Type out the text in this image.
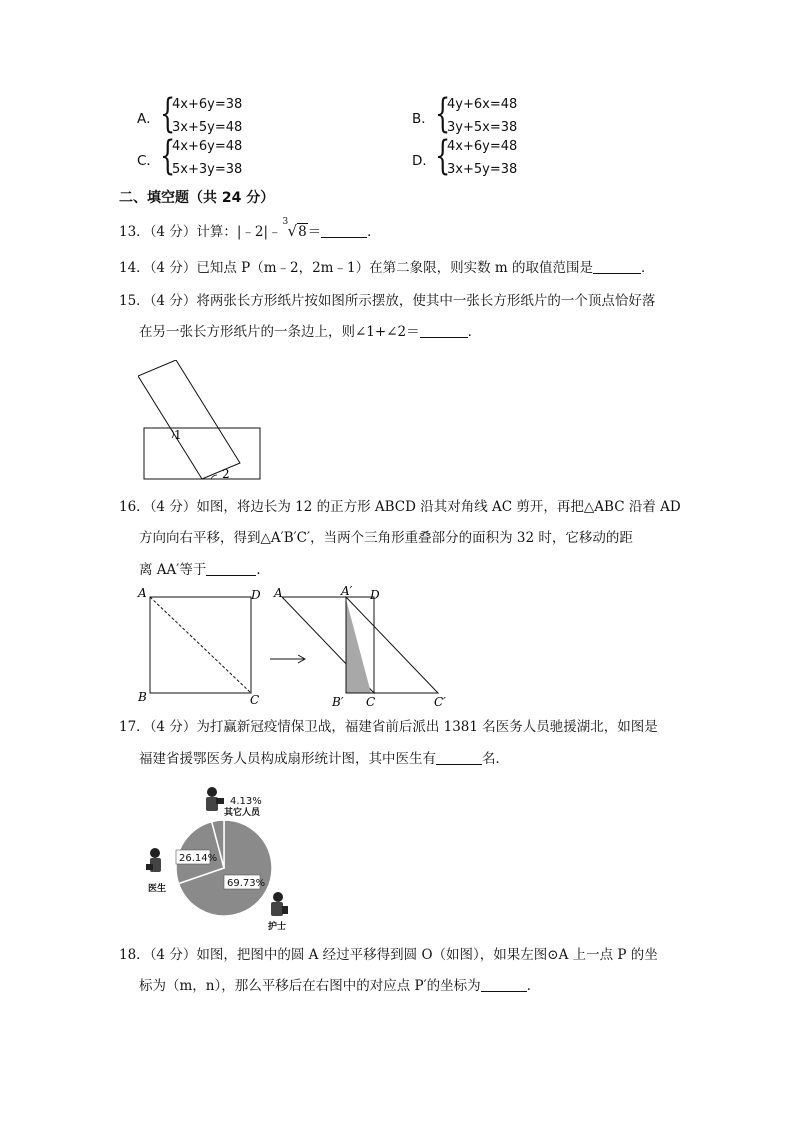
A． {
4x+6y=38
3x+5y=48
B． {
4y+6x=48
3y+5x=38
C． {
4x+6y=48
5x+3y=38
D． {
4x+6y=48
3x+5y=38
二、填空题（共 24 分）
13．（4 分）计算：|﹣2|﹣
3 √8＝	．
14．（4 分）已知点 P（m﹣2，2m﹣1）在第二象限，则实数 m 的取值范围是	．
15．（4 分）将两张长方形纸片按如图所示摆放，使其中一张长方形纸片的一个顶点恰好落
在另一张长方形纸片的一条边上，则∠1+∠2＝	．
1
2
16．（4 分）如图，将边长为 12 的正方形 ABCD 沿其对角线 AC 剪开，再把△ABC 沿着 AD
方向向右平移，得到△A′B′C′，当两个三角形重叠部分的面积为 32 时，它移动的距
离 AA′等于	．
A	D
B	C
A	A′ D
B′ C	C′
17．（4 分）为打赢新冠疫情保卫战，福建省前后派出 1381 名医务人员驰援湖北，如图是
福建省援鄂医务人员构成扇形统计图，其中医生有	名．
26.14%
69.73%
4.13%
其它人员
医生
护士
18．（4 分）如图，把图中的圆 A 经过平移得到圆 O（如图），如果左图⊙A 上一点 P 的坐
标为（m，n），那么平移后在右图中的对应点 P′的坐标为	．
